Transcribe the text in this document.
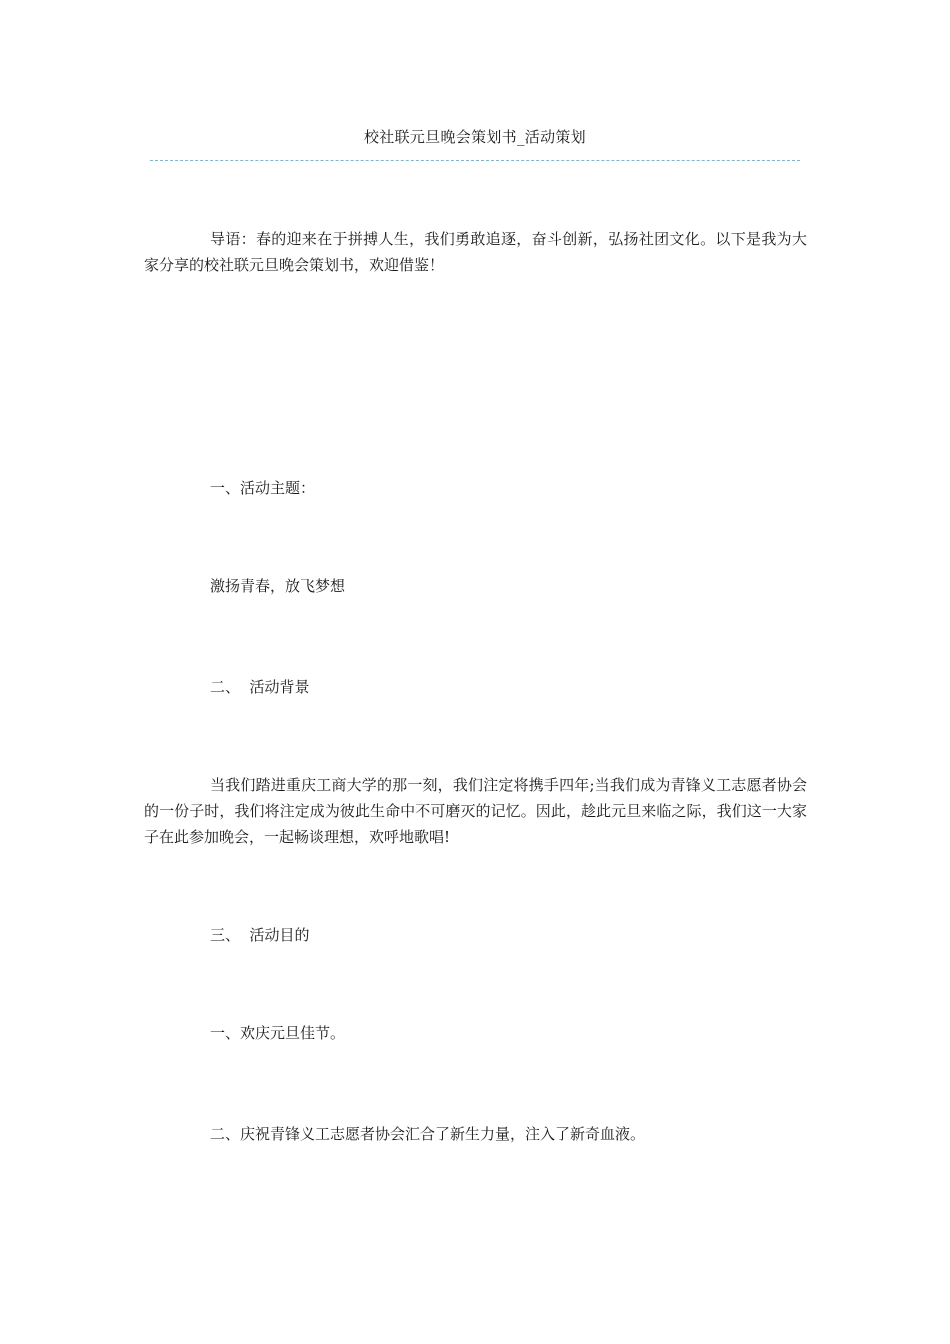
校社联元旦晚会策划书_活动策划

导语：春的迎来在于拼搏人生，我们勇敢追逐，奋斗创新，弘扬社团文化。以下是我为大家分享的校社联元旦晚会策划书，欢迎借鉴！

一、活动主题：

激扬青春，放飞梦想

二、  活动背景

当我们踏进重庆工商大学的那一刻，我们注定将携手四年;当我们成为青锋义工志愿者协会的一份子时，我们将注定成为彼此生命中不可磨灭的记忆。因此，趁此元旦来临之际，我们这一大家子在此参加晚会，一起畅谈理想，欢呼地歌唱!

三、  活动目的

一、欢庆元旦佳节。

二、庆祝青锋义工志愿者协会汇合了新生力量，注入了新奇血液。
